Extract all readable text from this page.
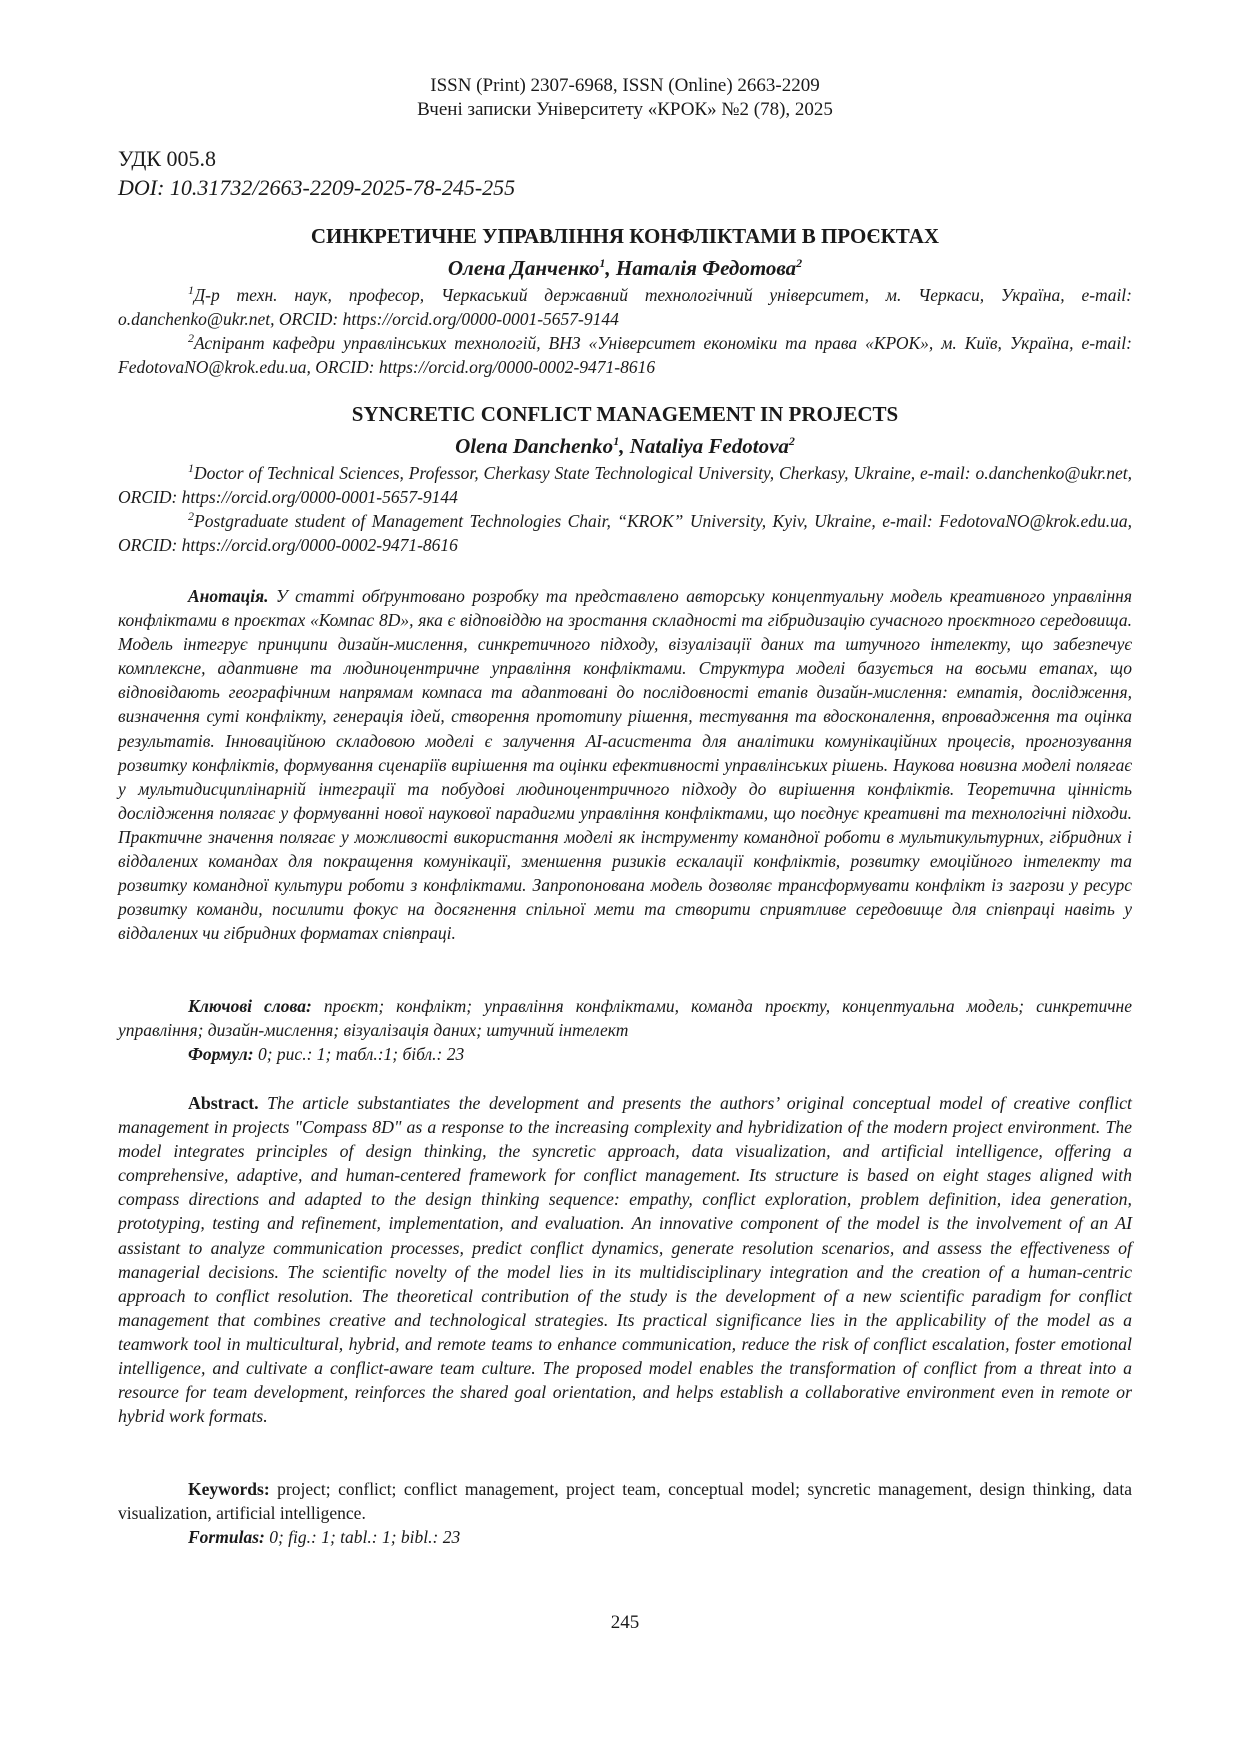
ISSN (Print) 2307-6968, ISSN (Online) 2663-2209
Вчені записки Університету «КРОК» №2 (78), 2025
УДК 005.8
DOI: 10.31732/2663-2209-2025-78-245-255
СИНКРЕТИЧНЕ УПРАВЛІННЯ КОНФЛІКТАМИ В ПРОЄКТАХ
Олена Данченко$^1$, Наталія Федотова$^2$
$^1$Д-р техн. наук, професор, Черкаський державний технологічний університет, м. Черкаси, Україна, e-mail: o.danchenko@ukr.net, ORCID: https://orcid.org/0000-0001-5657-9144
$^2$Аспірант кафедри управлінських технологій, ВНЗ «Університет економіки та права «КРОК», м. Київ, Україна, e-mail: FedotovaNO@krok.edu.ua, ORCID: https://orcid.org/0000-0002-9471-8616
SYNCRETIC CONFLICT MANAGEMENT IN PROJECTS
Olena Danchenko$^1$, Nataliya Fedotova$^2$
$^1$Doctor of Technical Sciences, Professor, Cherkasy State Technological University, Cherkasy, Ukraine, e-mail: o.danchenko@ukr.net, ORCID: https://orcid.org/0000-0001-5657-9144
$^2$Postgraduate student of Management Technologies Chair, “KROK” University, Kyiv, Ukraine, e-mail: FedotovaNO@krok.edu.ua, ORCID: https://orcid.org/0000-0002-9471-8616
Анотація. У статті обґрунтовано розробку та представлено авторську концептуальну модель креативного управління конфліктами в проєктах «Компас 8D», яка є відповіддю на зростання складності та гібридизацію сучасного проєктного середовища. Модель інтегрує принципи дизайн-мислення, синкретичного підходу, візуалізації даних та штучного інтелекту, що забезпечує комплексне, адаптивне та людиноцентричне управління конфліктами. Структура моделі базується на восьми етапах, що відповідають географічним напрямам компаса та адаптовані до послідовності етапів дизайн-мислення: емпатія, дослідження, визначення суті конфлікту, генерація ідей, створення прототипу рішення, тестування та вдосконалення, впровадження та оцінка результатів. Інноваційною складовою моделі є залучення AI-асистента для аналітики комунікаційних процесів, прогнозування розвитку конфліктів, формування сценаріїв вирішення та оцінки ефективності управлінських рішень. Наукова новизна моделі полягає у мультидисциплінарній інтеграції та побудові людиноцентричного підходу до вирішення конфліктів. Теоретична цінність дослідження полягає у формуванні нової наукової парадигми управління конфліктами, що поєднує креативні та технологічні підходи. Практичне значення полягає у можливості використання моделі як інструменту командної роботи в мультикультурних, гібридних і віддалених командах для покращення комунікації, зменшення ризиків ескалації конфліктів, розвитку емоційного інтелекту та розвитку командної культури роботи з конфліктами. Запропонована модель дозволяє трансформувати конфлікт із загрози у ресурс розвитку команди, посилити фокус на досягнення спільної мети та створити сприятливе середовище для співпраці навіть у віддалених чи гібридних форматах співпраці.
Ключові слова: проєкт; конфлікт; управління конфліктами, команда проєкту, концептуальна модель; синкретичне управління; дизайн-мислення; візуалізація даних; штучний інтелект
Формул: 0; рис.: 1; табл.:1; бібл.: 23
Abstract. The article substantiates the development and presents the authors’ original conceptual model of creative conflict management in projects "Compass 8D" as a response to the increasing complexity and hybridization of the modern project environment. The model integrates principles of design thinking, the syncretic approach, data visualization, and artificial intelligence, offering a comprehensive, adaptive, and human-centered framework for conflict management. Its structure is based on eight stages aligned with compass directions and adapted to the design thinking sequence: empathy, conflict exploration, problem definition, idea generation, prototyping, testing and refinement, implementation, and evaluation. An innovative component of the model is the involvement of an AI assistant to analyze communication processes, predict conflict dynamics, generate resolution scenarios, and assess the effectiveness of managerial decisions. The scientific novelty of the model lies in its multidisciplinary integration and the creation of a human-centric approach to conflict resolution. The theoretical contribution of the study is the development of a new scientific paradigm for conflict management that combines creative and technological strategies. Its practical significance lies in the applicability of the model as a teamwork tool in multicultural, hybrid, and remote teams to enhance communication, reduce the risk of conflict escalation, foster emotional intelligence, and cultivate a conflict-aware team culture. The proposed model enables the transformation of conflict from a threat into a resource for team development, reinforces the shared goal orientation, and helps establish a collaborative environment even in remote or hybrid work formats.
Keywords: project; conflict; conflict management, project team, conceptual model; syncretic management, design thinking, data visualization, artificial intelligence.
Formulas: 0; fig.: 1; tabl.: 1; bibl.: 23
245
